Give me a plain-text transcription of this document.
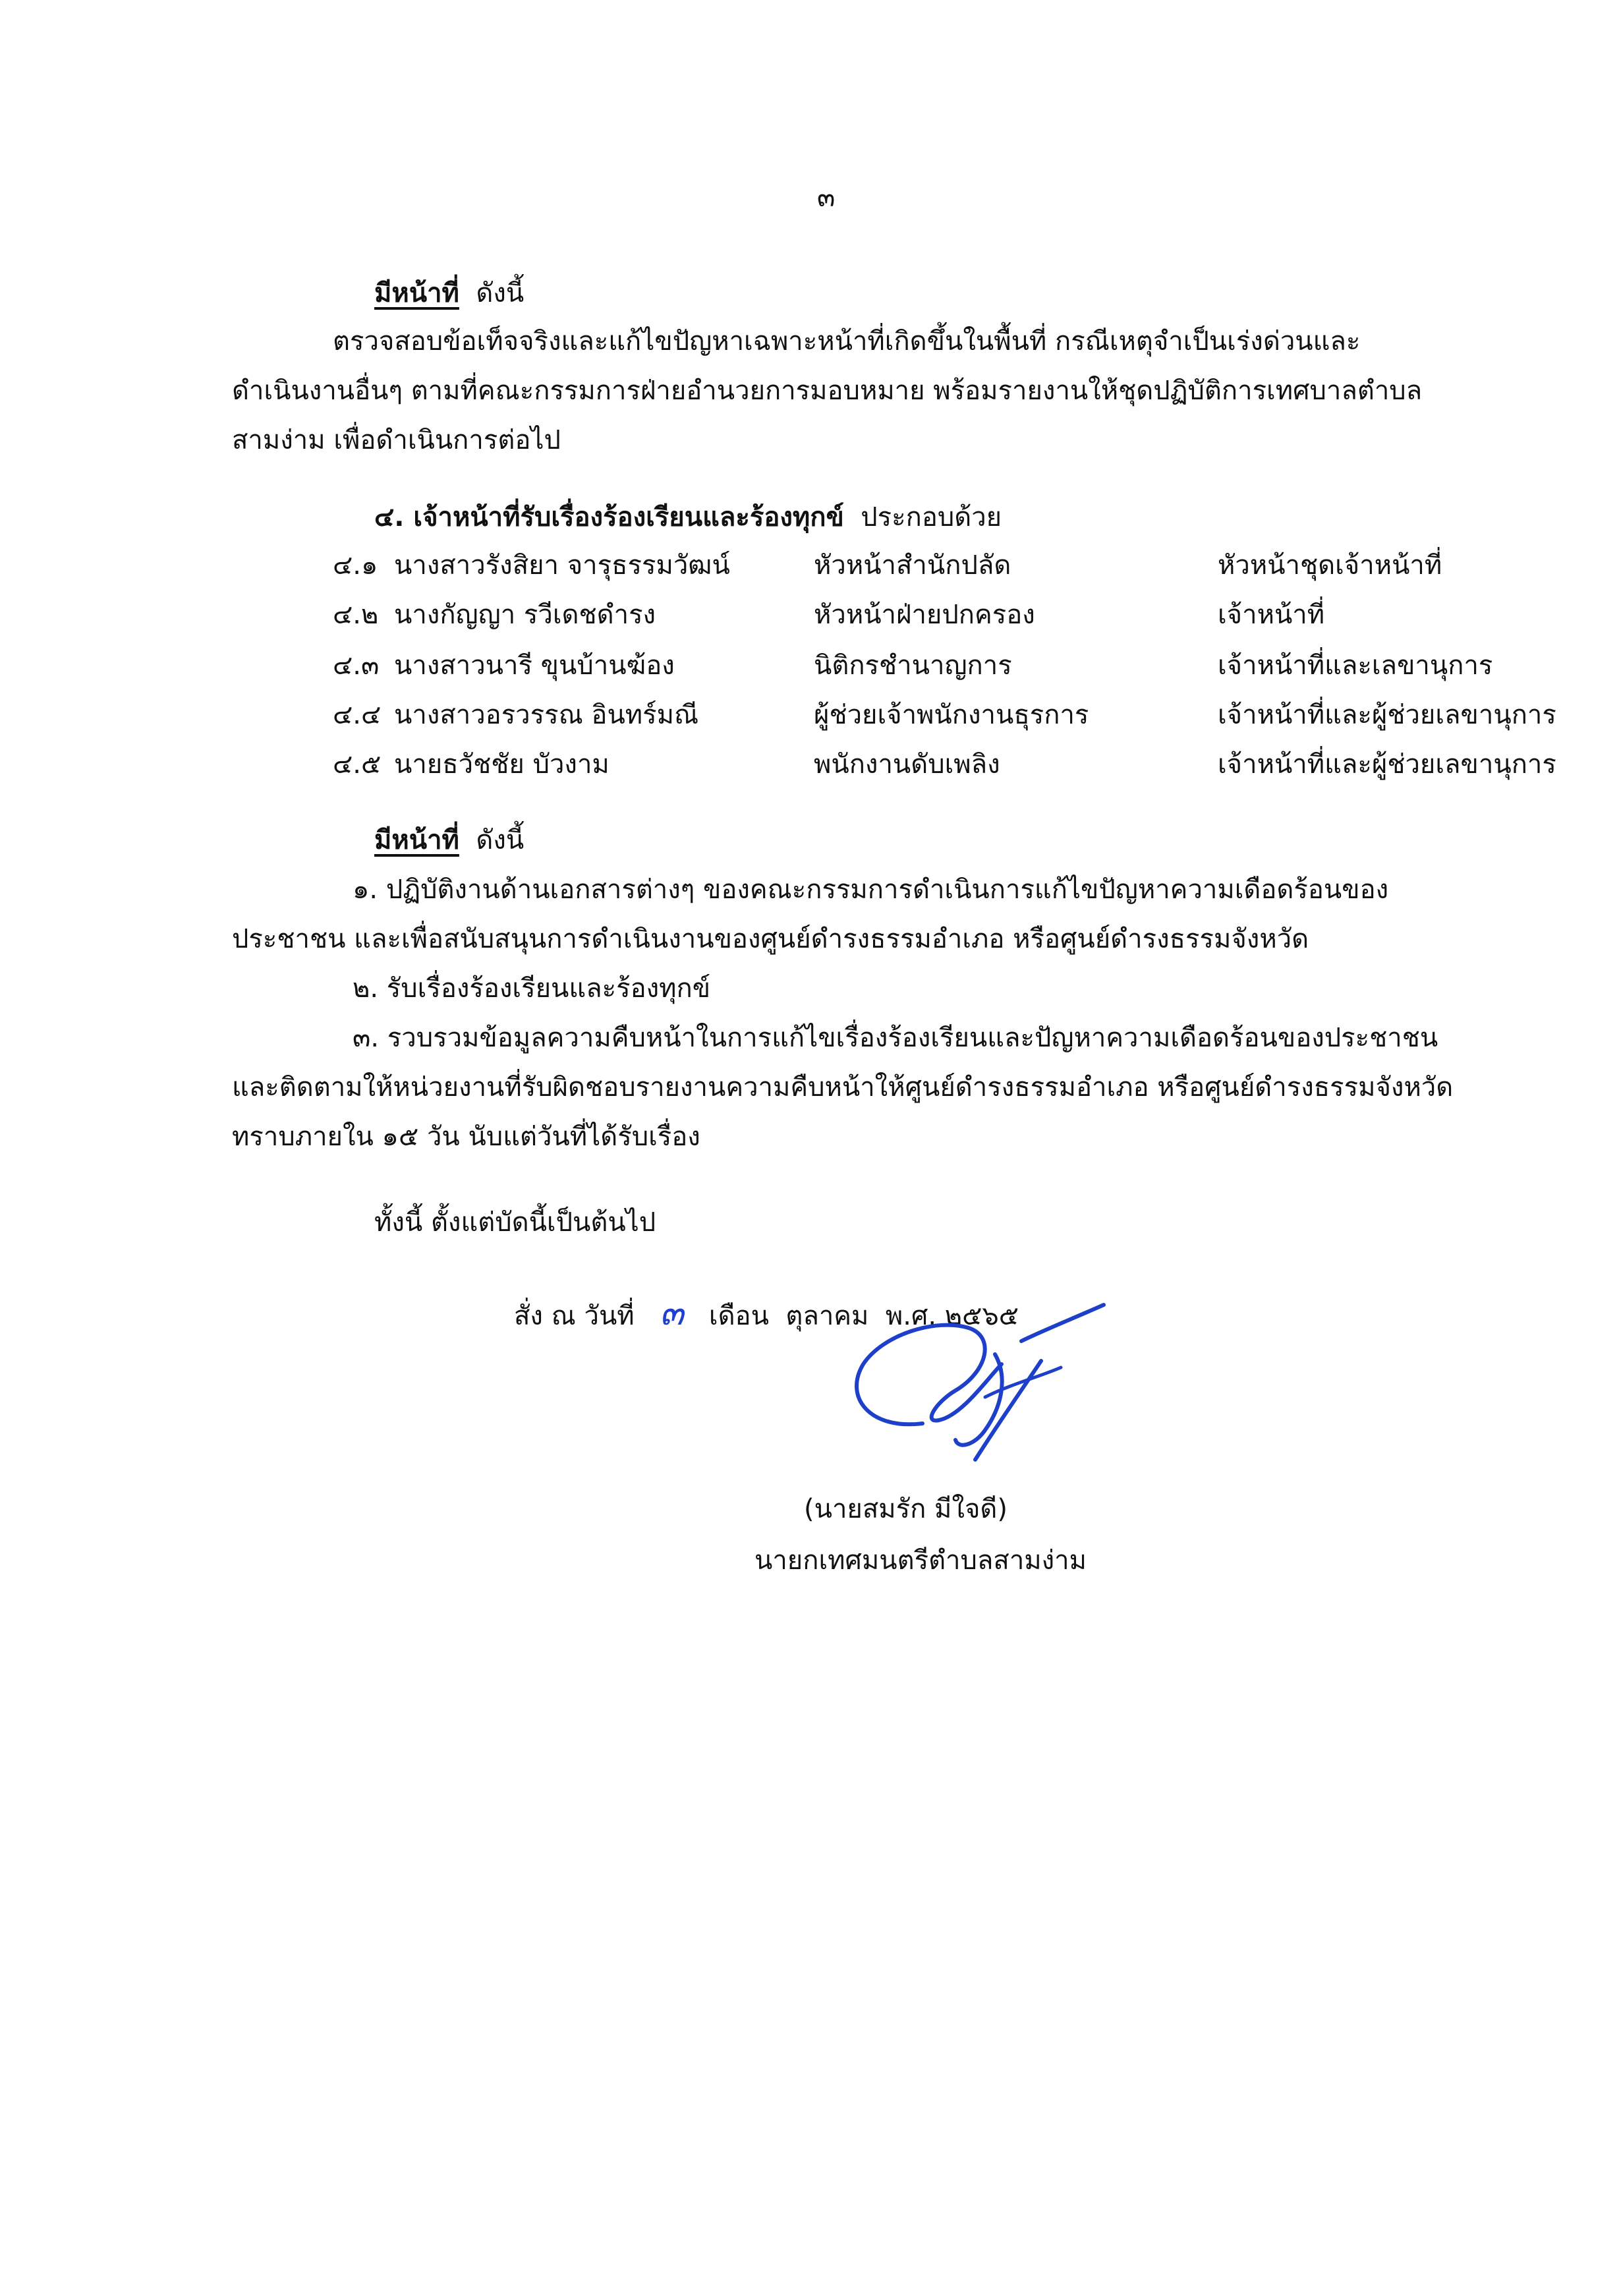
๓
มีหน้าที่ ดังนี้
ตรวจสอบข้อเท็จจริงและแก้ไขปัญหาเฉพาะหน้าที่เกิดขึ้นในพื้นที่ กรณีเหตุจำเป็นเร่งด่วนและ
ดำเนินงานอื่นๆ ตามที่คณะกรรมการฝ่ายอำนวยการมอบหมาย พร้อมรายงานให้ชุดปฏิบัติการเทศบาลตำบล
สามง่าม เพื่อดำเนินการต่อไป
๔. เจ้าหน้าที่รับเรื่องร้องเรียนและร้องทุกข์ ประกอบด้วย
๔.๑ นางสาวรังสิยา จารุธรรมวัฒน์	หัวหน้าสำนักปลัด	หัวหน้าชุดเจ้าหน้าที่
๔.๒ นางกัญญา รวีเดชดำรง	หัวหน้าฝ่ายปกครอง	เจ้าหน้าที่
๔.๓ นางสาวนารี ขุนบ้านฆ้อง	นิติกรชำนาญการ	เจ้าหน้าที่และเลขานุการ
๔.๔ นางสาวอรวรรณ อินทร์มณี	ผู้ช่วยเจ้าพนักงานธุรการ	เจ้าหน้าที่และผู้ช่วยเลขานุการ
๔.๕ นายธวัชชัย บัวงาม	พนักงานดับเพลิง	เจ้าหน้าที่และผู้ช่วยเลขานุการ
มีหน้าที่ ดังนี้
๑. ปฏิบัติงานด้านเอกสารต่างๆ ของคณะกรรมการดำเนินการแก้ไขปัญหาความเดือดร้อนของ
ประชาชน และเพื่อสนับสนุนการดำเนินงานของศูนย์ดำรงธรรมอำเภอ หรือศูนย์ดำรงธรรมจังหวัด
๒. รับเรื่องร้องเรียนและร้องทุกข์
๓. รวบรวมข้อมูลความคืบหน้าในการแก้ไขเรื่องร้องเรียนและปัญหาความเดือดร้อนของประชาชน
และติดตามให้หน่วยงานที่รับผิดชอบรายงานความคืบหน้าให้ศูนย์ดำรงธรรมอำเภอ หรือศูนย์ดำรงธรรมจังหวัด
ทราบภายใน ๑๕ วัน นับแต่วันที่ได้รับเรื่อง
ทั้งนี้ ตั้งแต่บัดนี้เป็นต้นไป
สั่ง ณ วันที่ ๓ เดือน ตุลาคม พ.ศ. ๒๕๖๕
(นายสมรัก มีใจดี)
นายกเทศมนตรีตำบลสามง่าม
